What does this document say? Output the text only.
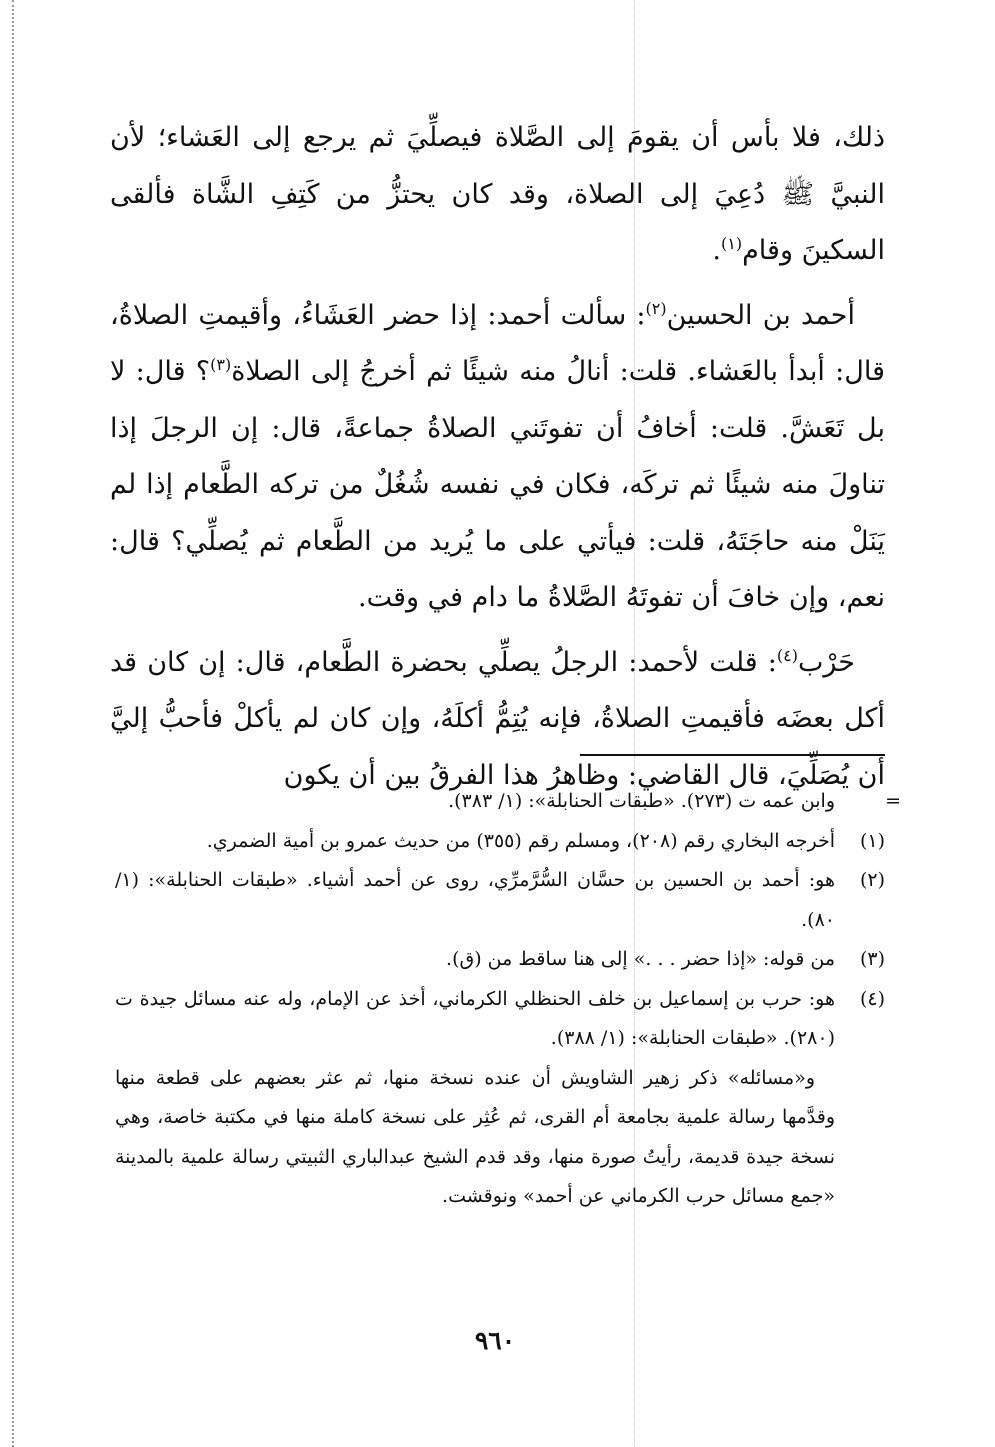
ذلك، فلا بأس أن يقومَ إلى الصَّلاة فيصلِّيَ ثم يرجع إلى العَشاء؛ لأن النبيَّ ﷺ دُعِيَ إلى الصلاة، وقد كان يحتزُّ من كَتِفِ الشَّاة فألقى السكينَ وقام$^{(١)}$.

أحمد بن الحسين$^{(٢)}$: سألت أحمد: إذا حضر العَشَاءُ، وأقيمتِ الصلاةُ، قال: أبدأ بالعَشاء. قلت: أنالُ منه شيئًا ثم أخرجُ إلى الصلاة$^{(٣)}$؟ قال: لا بل تَعَشَّ. قلت: أخافُ أن تفوتَني الصلاةُ جماعةً، قال: إن الرجلَ إذا تناولَ منه شيئًا ثم تركَه، فكان في نفسه شُغُلٌ من تركه الطَّعام إذا لم يَنَلْ منه حاجَتَهُ، قلت: فيأتي على ما يُريد من الطَّعام ثم يُصلِّي؟ قال: نعم، وإن خافَ أن تفوتَهُ الصَّلاةُ ما دام في وقت.

حَرْب$^{(٤)}$: قلت لأحمد: الرجلُ يصلِّي بحضرة الطَّعام، قال: إن كان قد أكل بعضَه فأقيمتِ الصلاةُ، فإنه يُتِمُّ أكلَهُ، وإن كان لم يأكلْ فأحبُّ إليَّ أن يُصَلِّيَ، قال القاضي: وظاهرُ هذا الفرقُ بين أن يكون

=
وابن عمه ت (٢٧٣). «طبقات الحنابلة»: (١/ ٣٨٣).
(١)
أخرجه البخاري رقم (٢٠٨)، ومسلم رقم (٣٥٥) من حديث عمرو بن أمية الضمري.
(٢)
هو: أحمد بن الحسين بن حسَّان السُّرَّمرِّي، روى عن أحمد أشياء. «طبقات الحنابلة»: (١/ ٨٠).
(٣)
من قوله: «إذا حضر . . .» إلى هنا ساقط من (ق).
(٤)
هو: حرب بن إسماعيل بن خلف الحنظلي الكرماني، أخذ عن الإمام، وله عنه مسائل جيدة ت (٢٨٠). «طبقات الحنابلة»: (١/ ٣٨٨).
و«مسائله» ذكر زهير الشاويش أن عنده نسخة منها، ثم عثر بعضهم على قطعة منها وقدَّمها رسالة علمية بجامعة أم القرى، ثم عُثِر على نسخة كاملة منها في مكتبة خاصة، وهي نسخة جيدة قديمة، رأيتُ صورة منها، وقد قدم الشيخ عبدالباري الثبيتي رسالة علمية بالمدينة «جمع مسائل حرب الكرماني عن أحمد» ونوقشت.
٩٦٠
